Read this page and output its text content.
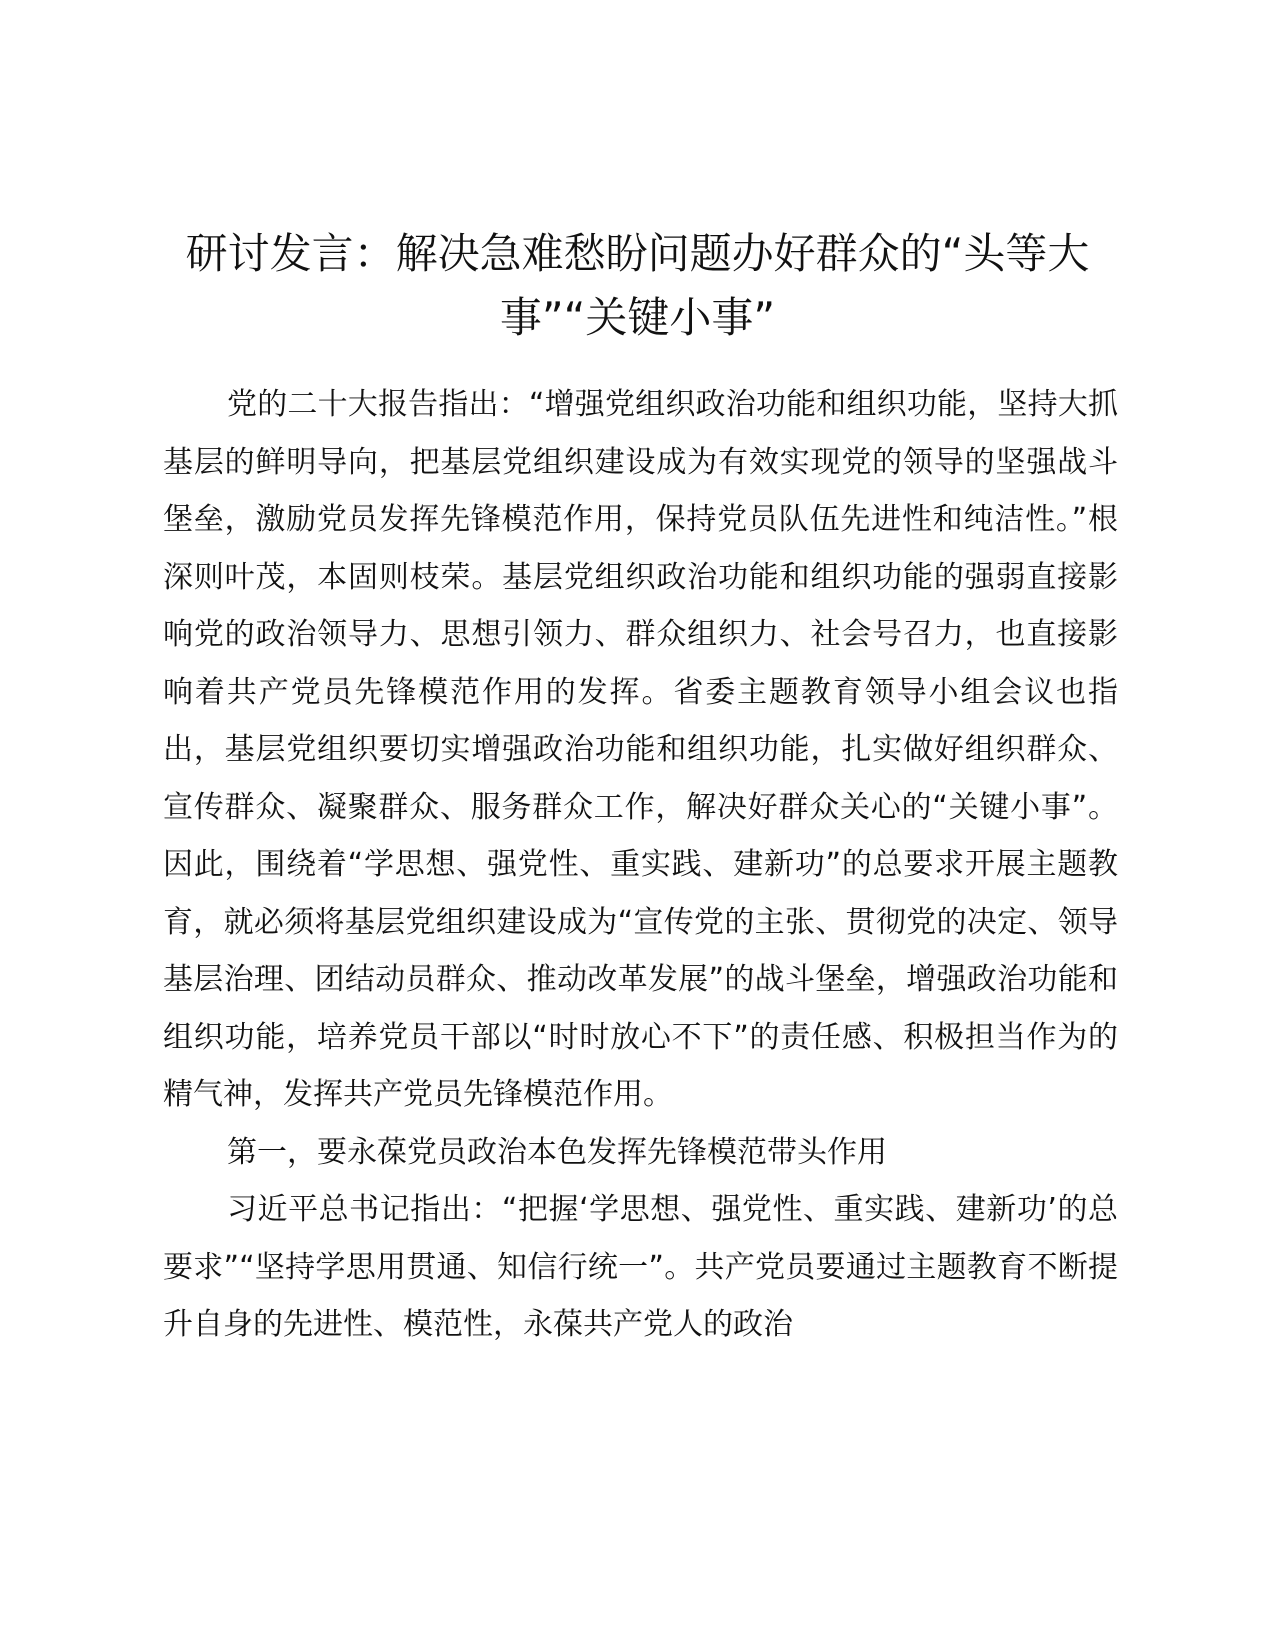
研讨发言：解决急难愁盼问题办好群众的“头等大事”“关键小事”

党的二十大报告指出：“增强党组织政治功能和组织功能，坚持大抓基层的鲜明导向，把基层党组织建设成为有效实现党的领导的坚强战斗堡垒，激励党员发挥先锋模范作用，保持党员队伍先进性和纯洁性。”根深则叶茂，本固则枝荣。基层党组织政治功能和组织功能的强弱直接影响党的政治领导力、思想引领力、群众组织力、社会号召力，也直接影响着共产党员先锋模范作用的发挥。省委主题教育领导小组会议也指出，基层党组织要切实增强政治功能和组织功能，扎实做好组织群众、宣传群众、凝聚群众、服务群众工作，解决好群众关心的“关键小事”。因此，围绕着“学思想、强党性、重实践、建新功”的总要求开展主题教育，就必须将基层党组织建设成为“宣传党的主张、贯彻党的决定、领导基层治理、团结动员群众、推动改革发展”的战斗堡垒，增强政治功能和组织功能，培养党员干部以“时时放心不下”的责任感、积极担当作为的精气神，发挥共产党员先锋模范作用。

第一，要永葆党员政治本色发挥先锋模范带头作用

习近平总书记指出：“把握‘学思想、强党性、重实践、建新功’的总要求”“坚持学思用贯通、知信行统一”。共产党员要通过主题教育不断提升自身的先进性、模范性，永葆共产党人的政治
